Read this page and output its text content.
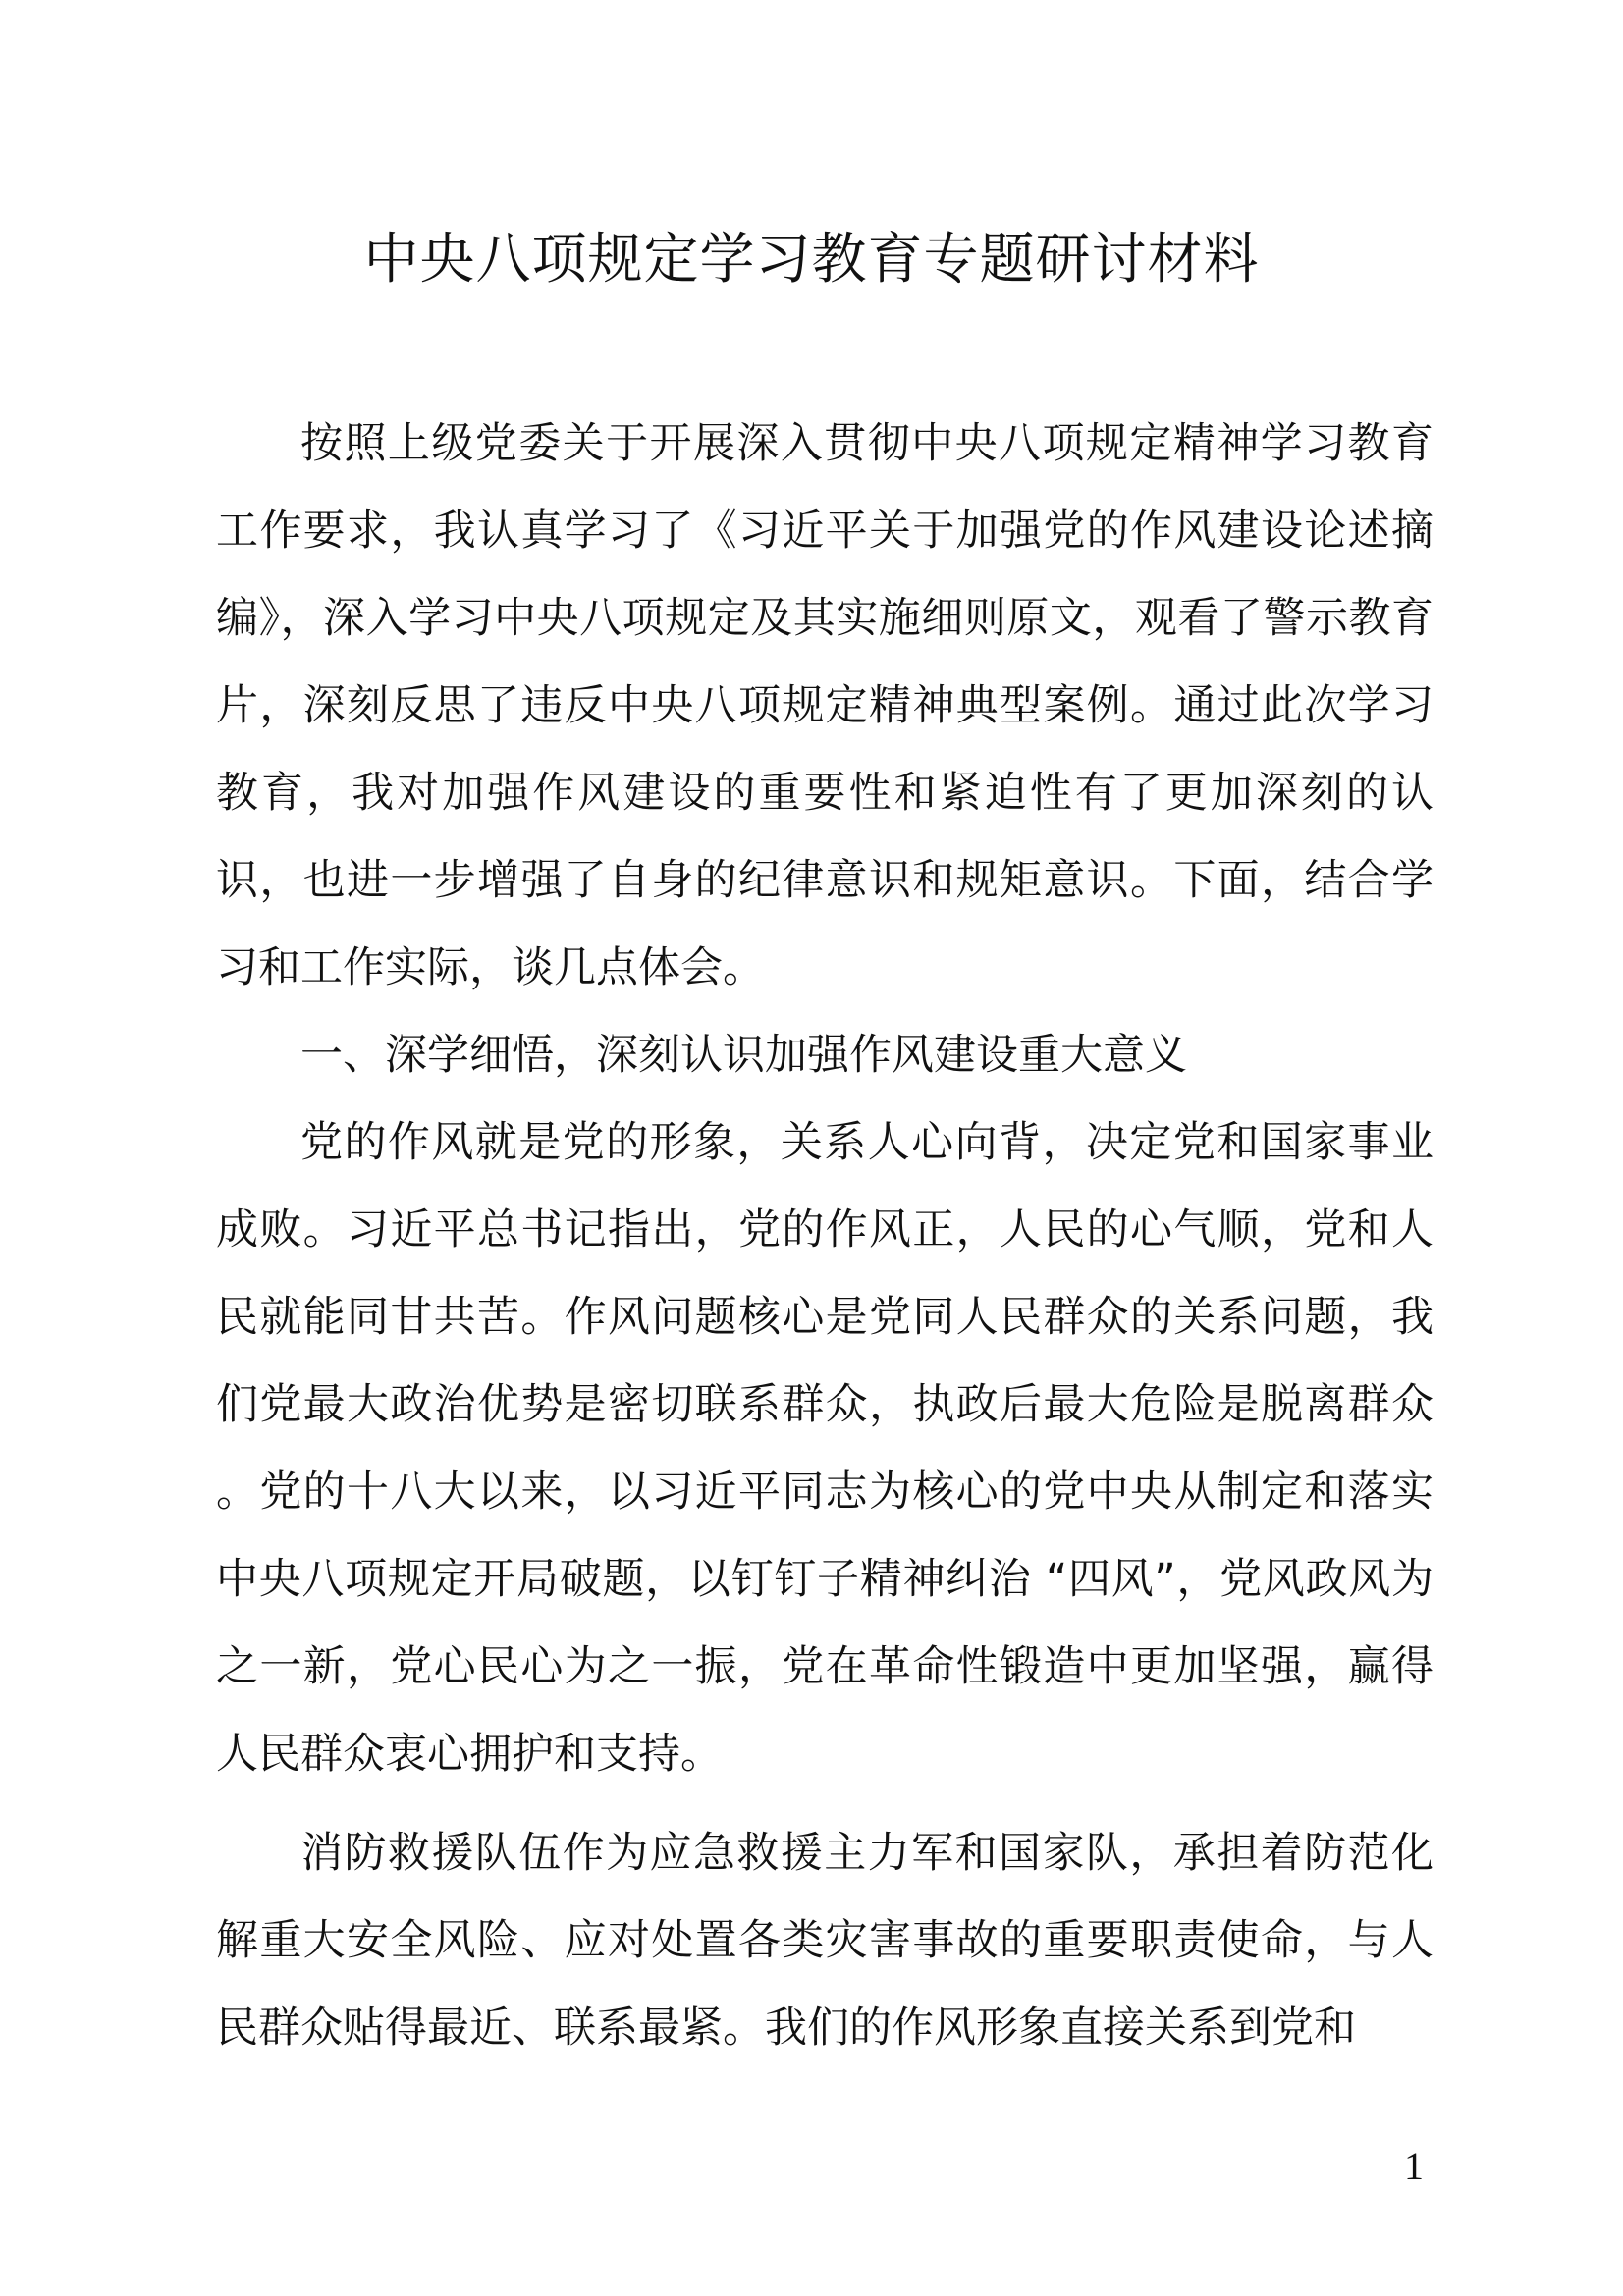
中央八项规定学习教育专题研讨材料

按照上级党委关于开展深入贯彻中央八项规定精神学习教育工作要求，我认真学习了《习近平关于加强党的作风建设论述摘编》，深入学习中央八项规定及其实施细则原文，观看了警示教育片，深刻反思了违反中央八项规定精神典型案例。通过此次学习教育，我对加强作风建设的重要性和紧迫性有了更加深刻的认识，也进一步增强了自身的纪律意识和规矩意识。下面，结合学习和工作实际，谈几点体会。

一、深学细悟，深刻认识加强作风建设重大意义

党的作风就是党的形象，关系人心向背，决定党和国家事业成败。习近平总书记指出，党的作风正，人民的心气顺，党和人民就能同甘共苦。作风问题核心是党同人民群众的关系问题，我们党最大政治优势是密切联系群众，执政后最大危险是脱离群众 。党的十八大以来，以习近平同志为核心的党中央从制定和落实中央八项规定开局破题，以钉钉子精神纠治 “四风”，党风政风为之一新，党心民心为之一振，党在革命性锻造中更加坚强，赢得人民群众衷心拥护和支持。

消防救援队伍作为应急救援主力军和国家队，承担着防范化解重大安全风险、应对处置各类灾害事故的重要职责使命，与人民群众贴得最近、联系最紧。我们的作风形象直接关系到党和

1
